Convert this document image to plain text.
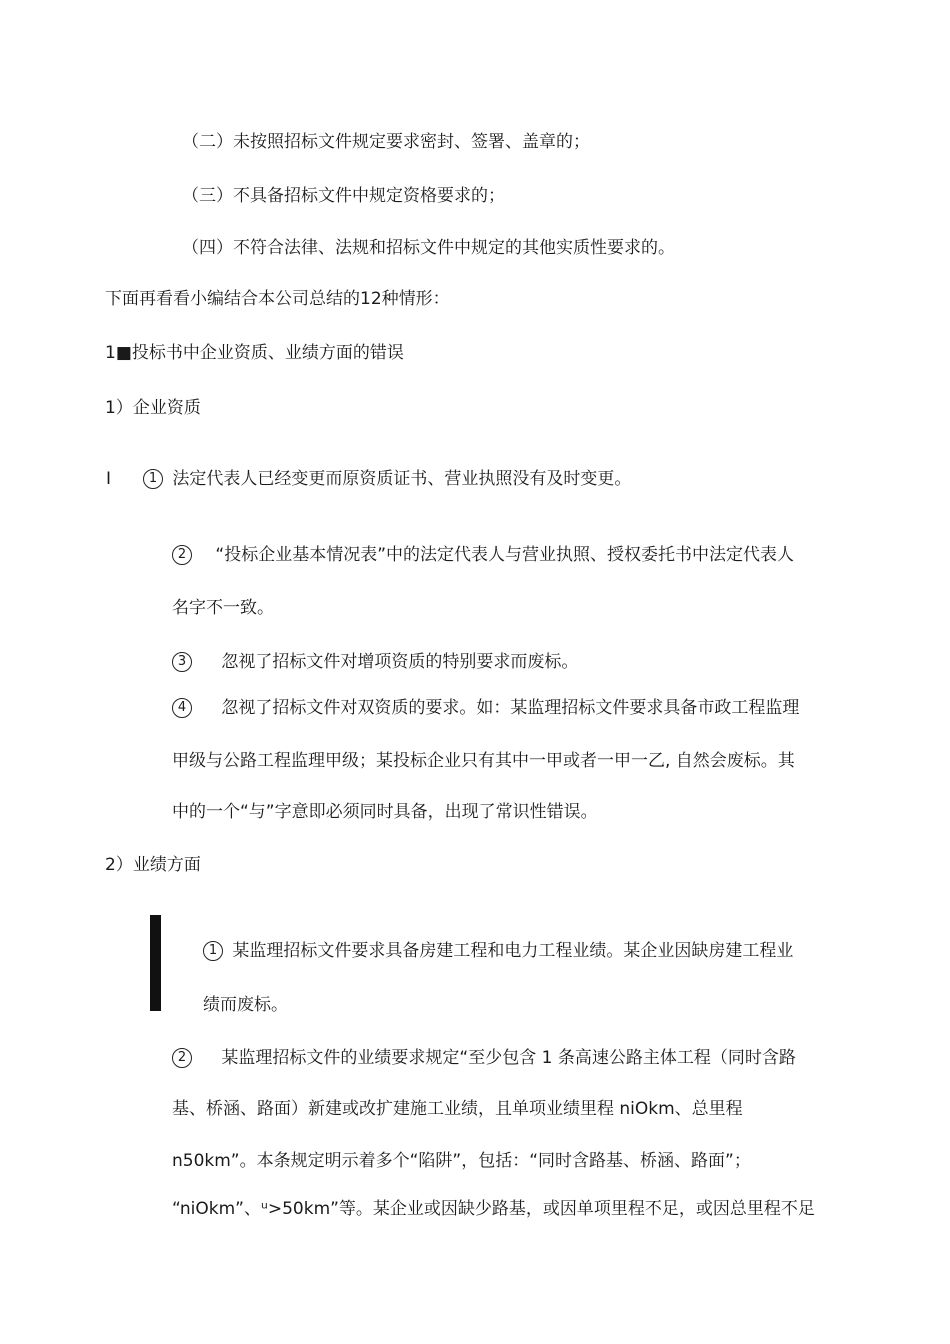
（二）未按照招标文件规定要求密封、签署、盖章的；
（三）不具备招标文件中规定资格要求的；
（四）不符合法律、法规和招标文件中规定的其他实质性要求的。
下面再看看小编结合本公司总结的12种情形：
1■投标书中企业资质、业绩方面的错误
1）企业资质
I	1 法定代表人已经变更而原资质证书、营业执照没有及时变更。
2 “投标企业基本情况表”中的法定代表人与营业执照、授权委托书中法定代表人
名字不一致。
3 忽视了招标文件对增项资质的特别要求而废标。
4 忽视了招标文件对双资质的要求。如：某监理招标文件要求具备市政工程监理
甲级与公路工程监理甲级；某投标企业只有其中一甲或者一甲一乙, 自然会废标。其
中的一个“与”字意即必须同时具备，出现了常识性错误。
2）业绩方面
1 某监理招标文件要求具备房建工程和电力工程业绩。某企业因缺房建工程业
绩而废标。
2 某监理招标文件的业绩要求规定“至少包含 1 条高速公路主体工程（同时含路
基、桥涵、路面）新建或改扩建施工业绩，且单项业绩里程 niOkm、总里程
n50km”。本条规定明示着多个“陷阱”，包括：“同时含路基、桥涵、路面”；
“niOkm”、ᵘ>50km”等。某企业或因缺少路基，或因单项里程不足，或因总里程不足
